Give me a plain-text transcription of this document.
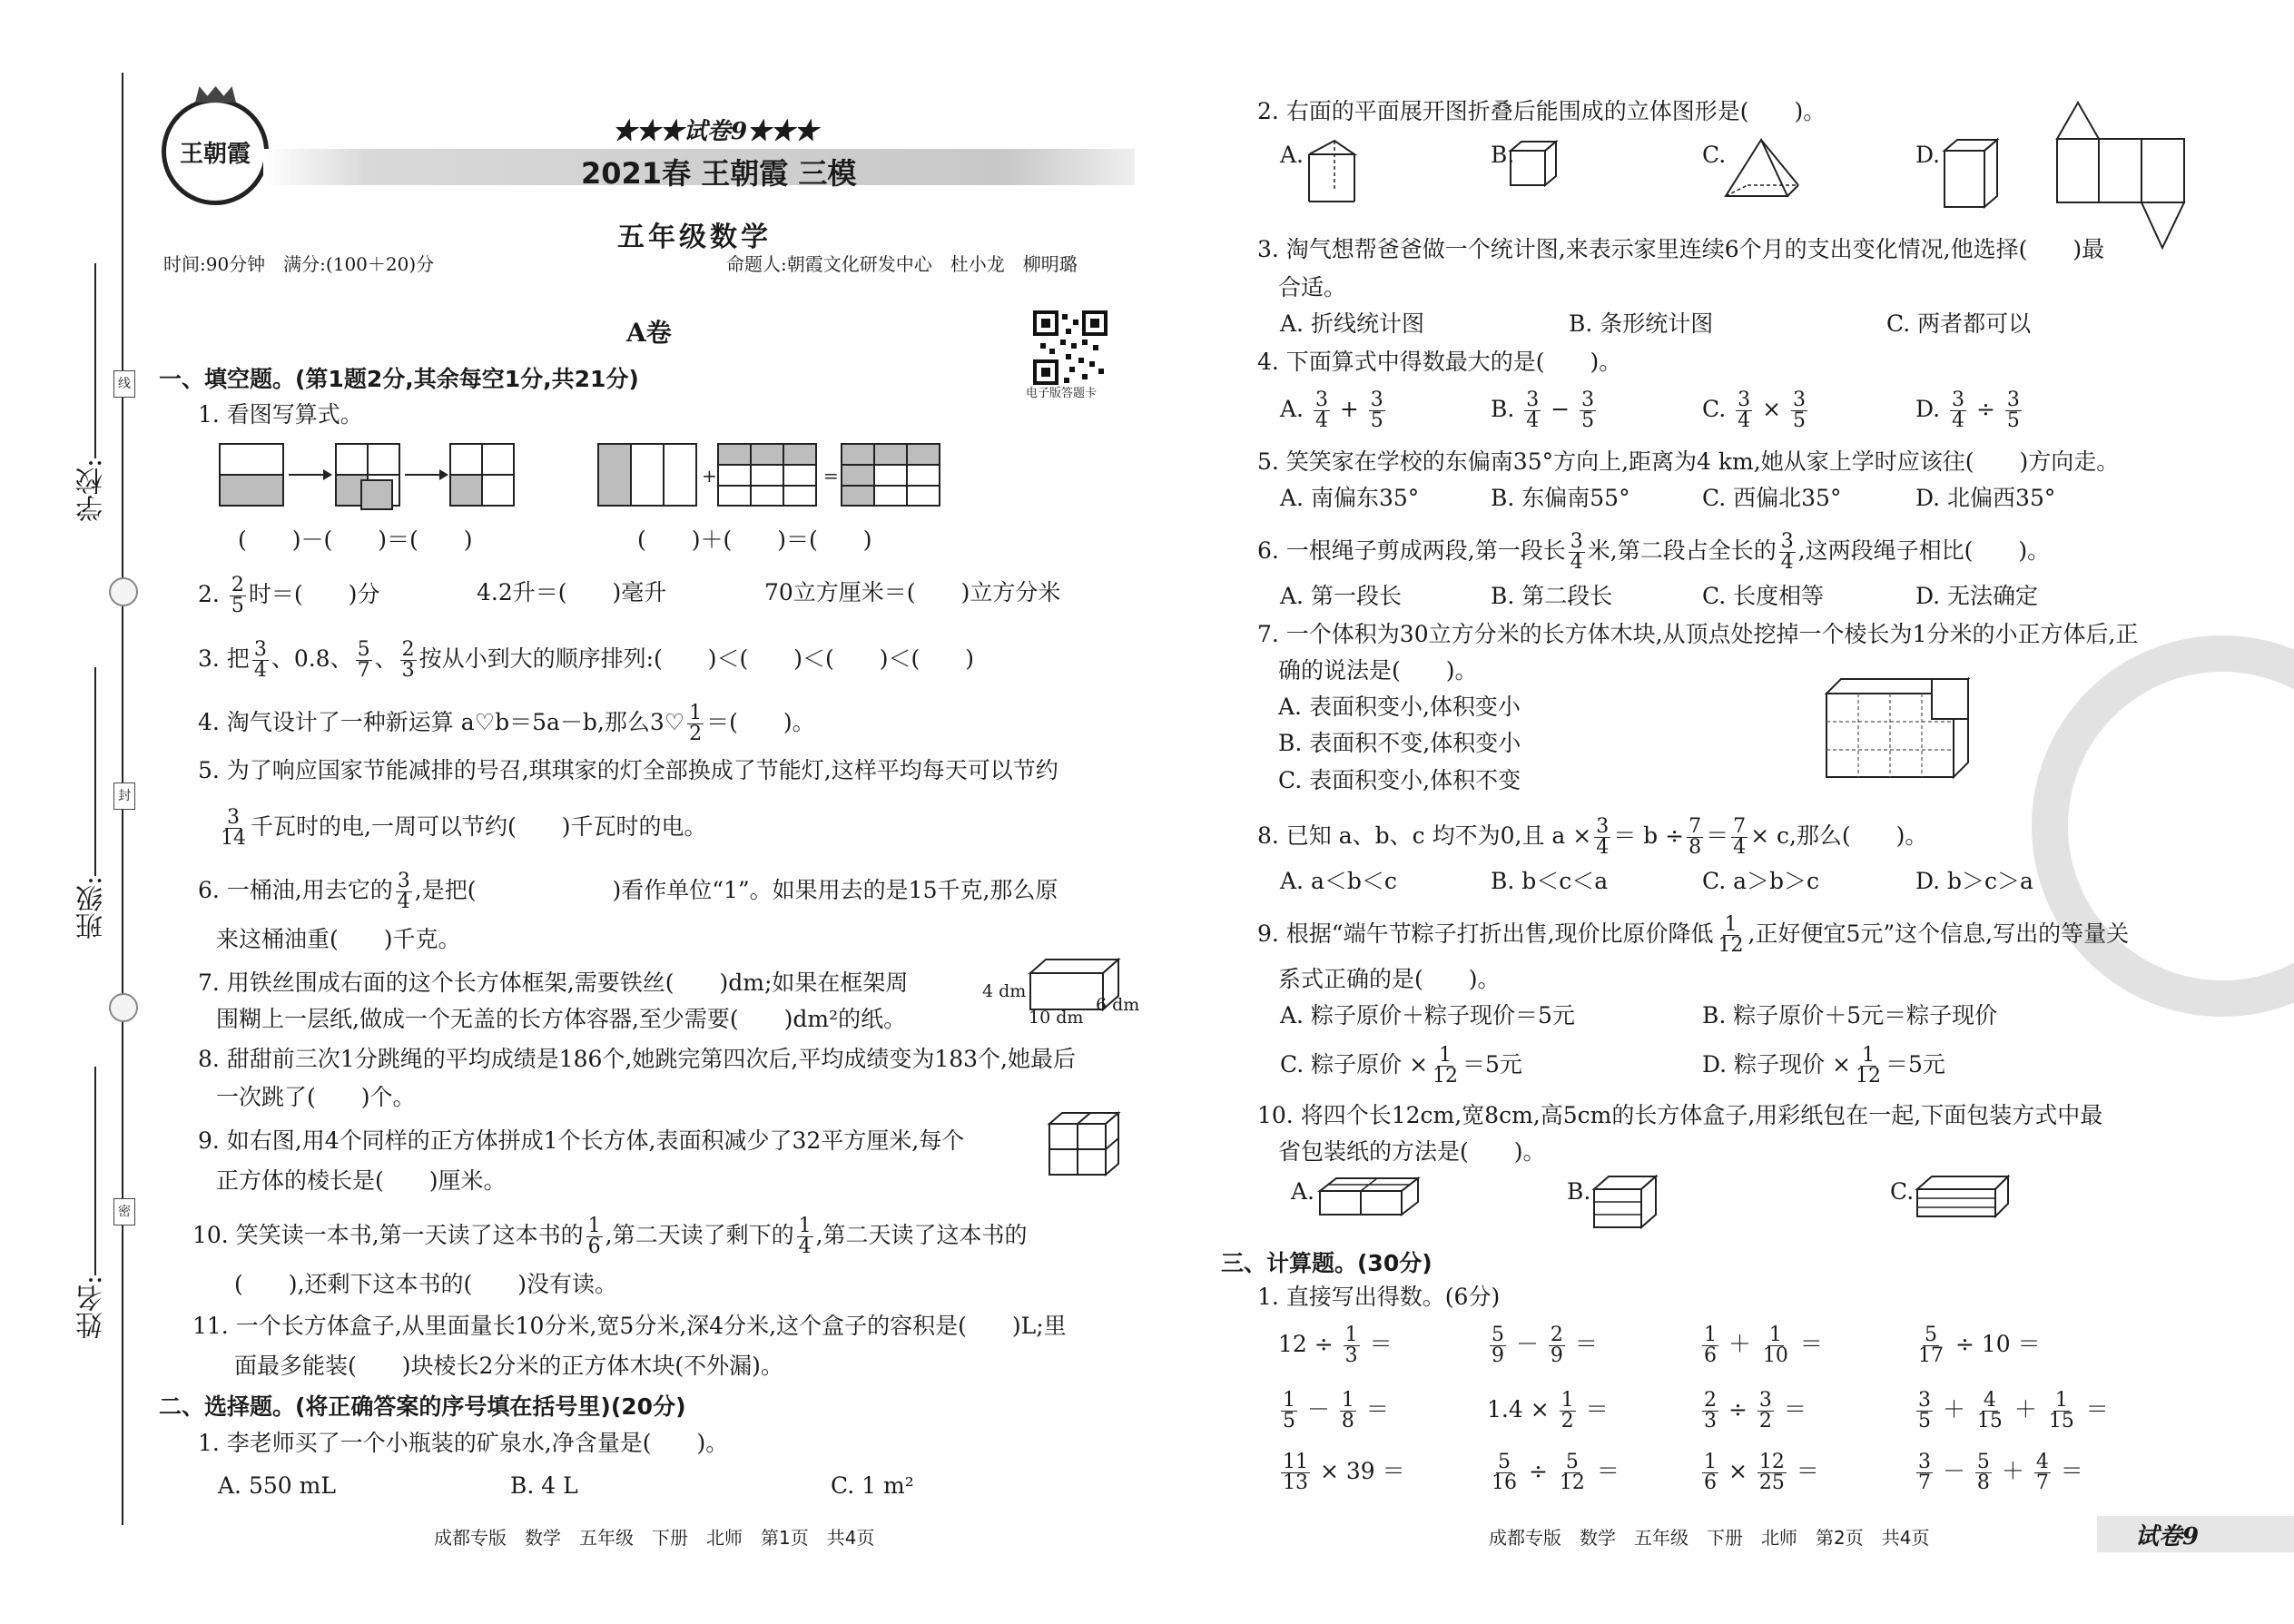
线
封
密
学校:
班级:
姓名:
王朝霞
★★★试卷9★★★
2021春 王朝霞 三模
五年级数学
时间:90分钟　满分:(100＋20)分	命题人:朝霞文化研发中心　杜小龙　柳明璐
A卷
电子版答题卡
一、填空题。(第1题2分,其余每空1分,共21分)
1. 看图写算式。
(　　)－(　　)＝(　　)
+	=
(　　)＋(　　)＝(　　)
2. $\frac{2}{5}$ 时＝(　　)分	4.2升＝(　　)毫升	70立方厘米＝(　　)立方分米
3. 把 $\frac{3}{4}$ 、0.8、 $\frac{5}{7}$ 、 $\frac{2}{3}$ 按从小到大的顺序排列:(　　)＜(　　)＜(　　)＜(　　)
4. 淘气设计了一种新运算 a♡b＝5a－b,那么3♡ $\frac{1}{2}$ ＝(　　)。
5. 为了响应国家节能减排的号召,琪琪家的灯全部换成了节能灯,这样平均每天可以节约
$\frac{3}{14}$ 千瓦时的电,一周可以节约(　　)千瓦时的电。
6. 一桶油,用去它的 $\frac{3}{4}$ ,是把(　　　　　　)看作单位“1”。如果用去的是15千克,那么原
来这桶油重(　　)千克。
7. 用铁丝围成右面的这个长方体框架,需要铁丝(　　)dm;如果在框架周
围糊上一层纸,做成一个无盖的长方体容器,至少需要(　　)dm²的纸。
4 dm
10 dm
6 dm
8. 甜甜前三次1分跳绳的平均成绩是186个,她跳完第四次后,平均成绩变为183个,她最后
一次跳了(　　)个。
9. 如右图,用4个同样的正方体拼成1个长方体,表面积减少了32平方厘米,每个
正方体的棱长是(　　)厘米。
10. 笑笑读一本书,第一天读了这本书的 $\frac{1}{6}$ ,第二天读了剩下的 $\frac{1}{4}$ ,第二天读了这本书的
(　　),还剩下这本书的(　　)没有读。
11. 一个长方体盒子,从里面量长10分米,宽5分米,深4分米,这个盒子的容积是(　　)L;里
面最多能装(　　)块棱长2分米的正方体木块(不外漏)。
二、选择题。(将正确答案的序号填在括号里)(20分)
1. 李老师买了一个小瓶装的矿泉水,净含量是(　　)。
A. 550 mL	B. 4 L	C. 1 m²
成都专版　数学　五年级　下册　北师　第1页　共4页
2. 右面的平面展开图折叠后能围成的立体图形是(　　)。
A.	B.	C.	D.
3. 淘气想帮爸爸做一个统计图,来表示家里连续6个月的支出变化情况,他选择(　　)最
合适。
A. 折线统计图	B. 条形统计图	C. 两者都可以
4. 下面算式中得数最大的是(　　)。
A. $\frac{3}{4} + \frac{3}{5}$	B. $\frac{3}{4} - \frac{3}{5}$	C. $\frac{3}{4} \times \frac{3}{5}$	D. $\frac{3}{4} \div \frac{3}{5}$
5. 笑笑家在学校的东偏南35°方向上,距离为4 km,她从家上学时应该往(　　)方向走。
A. 南偏东35°	B. 东偏南55°	C. 西偏北35°	D. 北偏西35°
6. 一根绳子剪成两段,第一段长 $\frac{3}{4}$ 米,第二段占全长的 $\frac{3}{4}$ ,这两段绳子相比(　　)。
A. 第一段长	B. 第二段长	C. 长度相等	D. 无法确定
7. 一个体积为30立方分米的长方体木块,从顶点处挖掉一个棱长为1分米的小正方体后,正
确的说法是(　　)。
A. 表面积变小,体积变小
B. 表面积不变,体积变小
C. 表面积变小,体积不变
8. 已知 a、b、c 均不为0,且 $a \times \frac{3}{4} = b \div \frac{7}{8} = \frac{7}{4} \times c$,那么(　　)。
A. a＜b＜c	B. b＜c＜a	C. a＞b＞c	D. b＞c＞a
9. 根据“端午节粽子打折出售,现价比原价降低 $\frac{1}{12}$ ,正好便宜5元”这个信息,写出的等量关
系式正确的是(　　)。
A. 粽子原价＋粽子现价＝5元	B. 粽子原价＋5元＝粽子现价
C. 粽子原价 × $\frac{1}{12} =5$元	D. 粽子现价 × $\frac{1}{12} =5$元
10. 将四个长12cm,宽8cm,高5cm的长方体盒子,用彩纸包在一起,下面包装方式中最
省包装纸的方法是(　　)。
A.	B.	C.
三、计算题。(30分)
1. 直接写出得数。(6分)
$12 \div \frac{1}{3}$ ＝	$\frac{5}{9} - \frac{2}{9}$ ＝	$\frac{1}{6} + \frac{1}{10}$ ＝	$\frac{5}{17} \div 10$ ＝
$\frac{1}{5} - \frac{1}{8}$ ＝	$1.4 \times \frac{1}{2}$ ＝	$\frac{2}{3} \div \frac{3}{2}$ ＝	$\frac{3}{5} + \frac{4}{15} + \frac{1}{15}$ ＝
$\frac{11}{13} \times 39$ ＝	$\frac{5}{16} \div \frac{5}{12}$ ＝	$\frac{1}{6} \times \frac{12}{25}$ ＝	$\frac{3}{7} - \frac{5}{8} + \frac{4}{7}$ ＝
成都专版　数学　五年级　下册　北师　第2页　共4页	试卷9
